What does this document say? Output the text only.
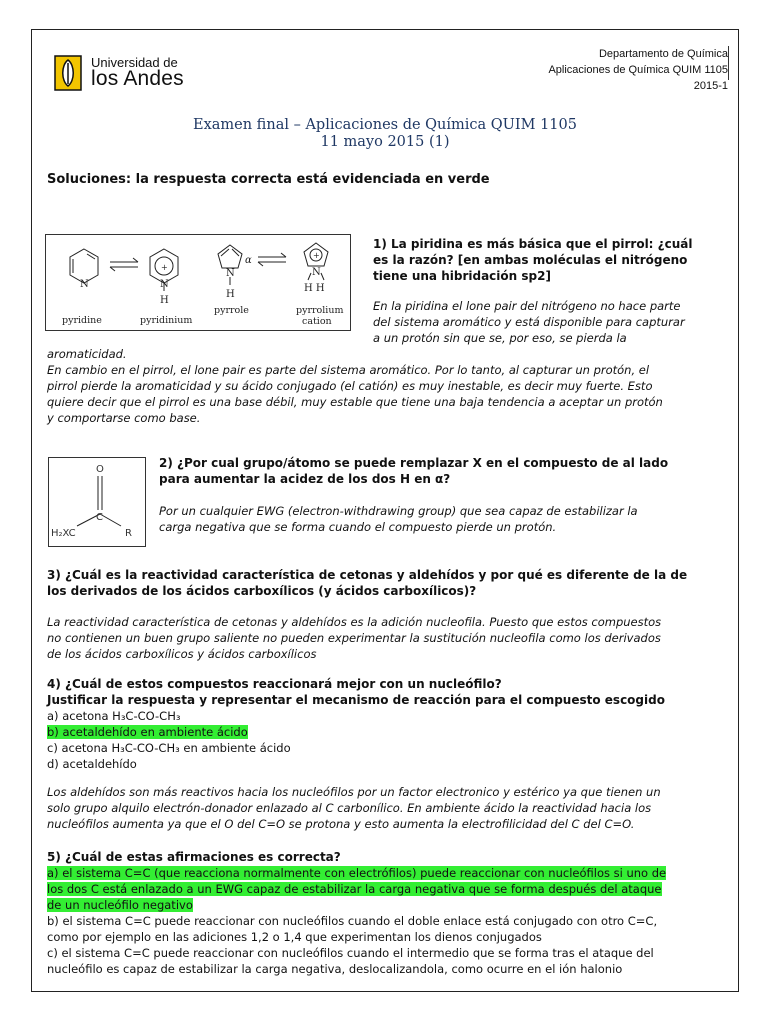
Universidad de
los Andes
Departamento de Química
Aplicaciones de Química QUIM 1105
2015-1
Examen final – Aplicaciones de Química QUIM 1105
11 mayo 2015 (1)
Soluciones: la respuesta correcta está evidenciada en verde
N	N
+
H
N
H
α
N
+
H H
pyridine	pyridinium
pyrrole	pyrrolium
cation
1) La piridina es más básica que el pirrol: ¿cuál
es la razón? [en ambas moléculas el nitrógeno
tiene una hibridación sp2]
En la piridina el lone pair del nitrógeno no hace parte
del sistema aromático y está disponible para capturar
a un protón sin que se, por eso, se pierda la
aromaticidad.
En cambio en el pirrol, el lone pair es parte del sistema aromático. Por lo tanto, al capturar un protón, el
pirrol pierde la aromaticidad y su ácido conjugado (el catión) es muy inestable, es decir muy fuerte. Esto
quiere decir que el pirrol es una base débil, muy estable que tiene una baja tendencia a aceptar un protón
y comportarse como base.
O
C
H₂XC	R
2) ¿Por cual grupo/átomo se puede remplazar X en el compuesto de al lado
para aumentar la acidez de los dos H en α?
Por un cualquier EWG (electron-withdrawing group) que sea capaz de estabilizar la
carga negativa que se forma cuando el compuesto pierde un protón.
3) ¿Cuál es la reactividad característica de cetonas y aldehídos y por qué es diferente de la de
los derivados de los ácidos carboxílicos (y ácidos carboxílicos)?
La reactividad característica de cetonas y aldehídos es la adición nucleofila. Puesto que estos compuestos
no contienen un buen grupo saliente no pueden experimentar la sustitución nucleofila como los derivados
de los ácidos carboxílicos y ácidos carboxílicos
4) ¿Cuál de estos compuestos reaccionará mejor con un nucleófilo?
Justificar la respuesta y representar el mecanismo de reacción para el compuesto escogido
a) acetona H₃C-CO-CH₃
b) acetaldehído en ambiente ácido
c) acetona H₃C-CO-CH₃ en ambiente ácido
d) acetaldehído
Los aldehídos son más reactivos hacia los nucleófilos por un factor electronico y estérico ya que tienen un
solo grupo alquilo electrón-donador enlazado al C carbonílico. En ambiente ácido la reactividad hacia los
nucleófilos aumenta ya que el O del C=O se protona y esto aumenta la electrofilicidad del C del C=O.
5) ¿Cuál de estas afirmaciones es correcta?
a) el sistema C=C (que reacciona normalmente con electrófilos) puede reaccionar con nucleófilos si uno de
los dos C está enlazado a un EWG capaz de estabilizar la carga negativa que se forma después del ataque
de un nucleófilo negativo
b) el sistema C=C puede reaccionar con nucleófilos cuando el doble enlace está conjugado con otro C=C,
como por ejemplo en las adiciones 1,2 o 1,4 que experimentan los dienos conjugados
c) el sistema C=C puede reaccionar con nucleófilos cuando el intermedio que se forma tras el ataque del
nucleófilo es capaz de estabilizar la carga negativa, deslocalizandola, como ocurre en el ión halonio
